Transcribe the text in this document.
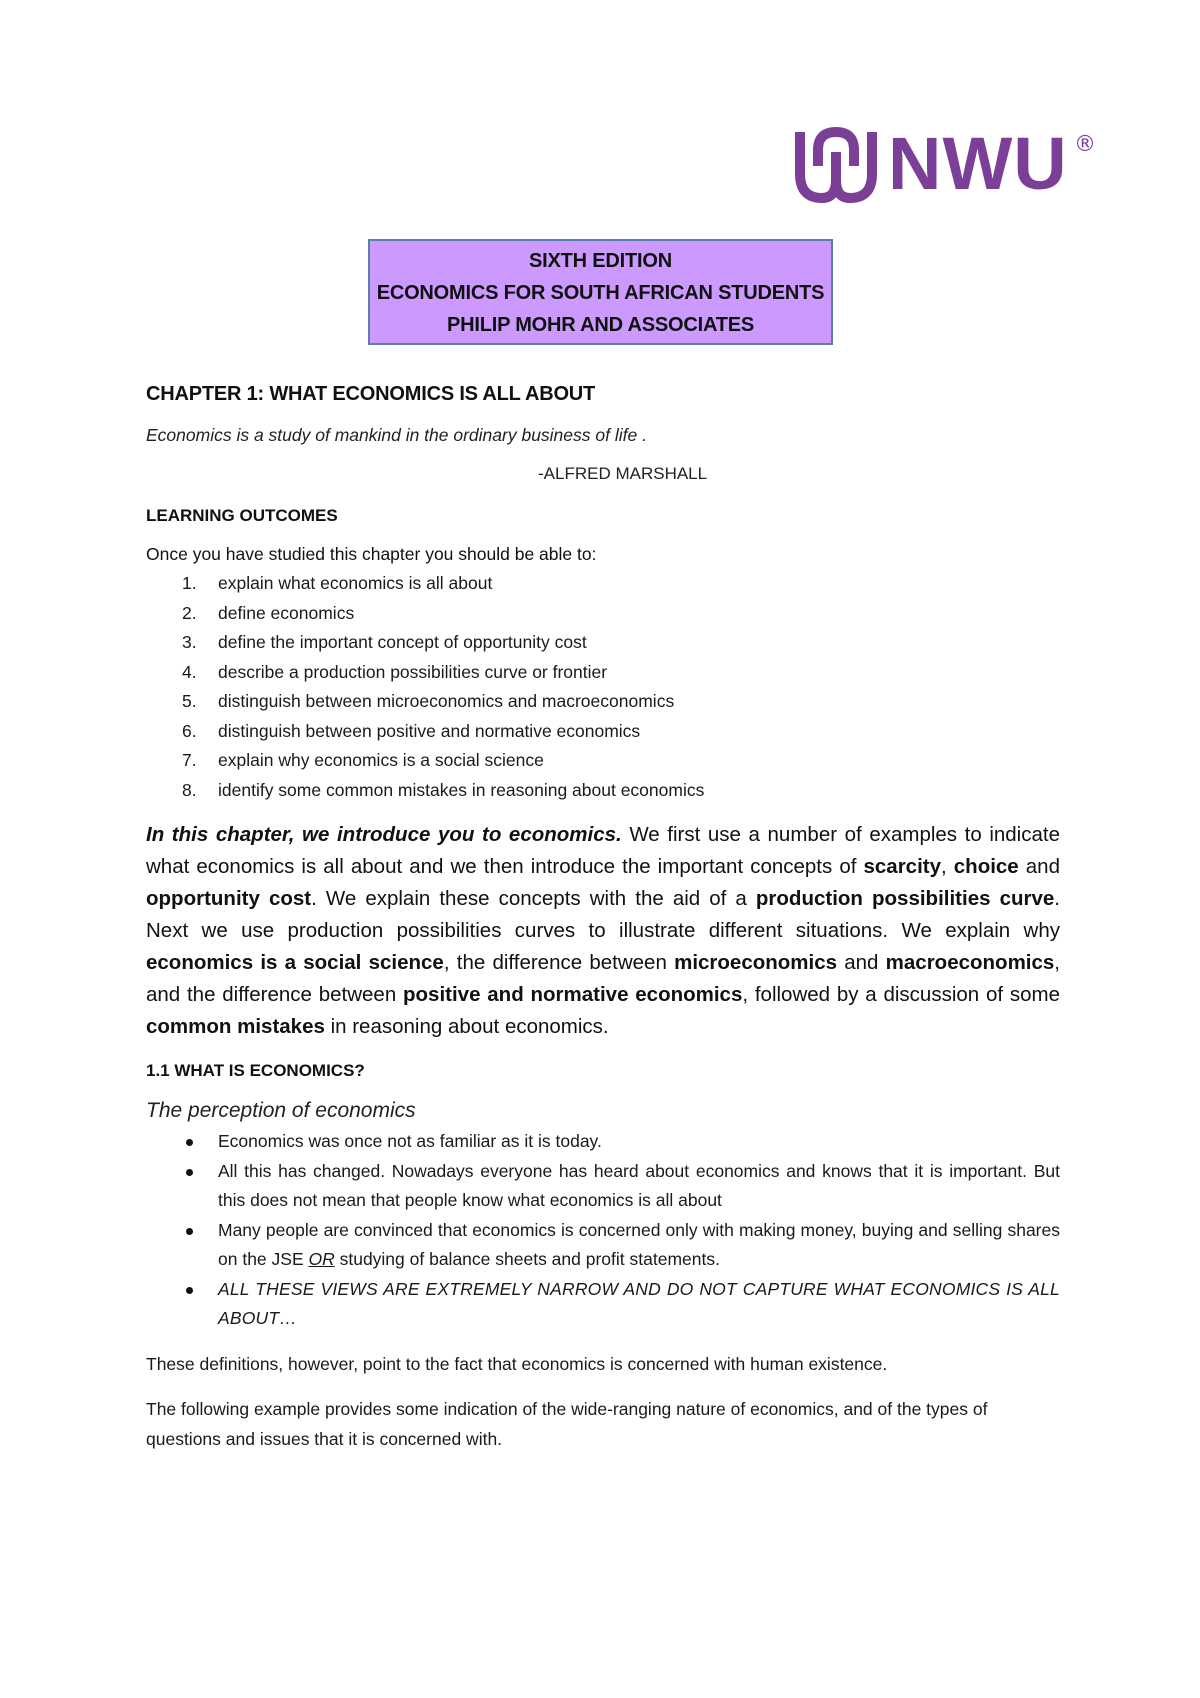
NWU ®
SIXTH EDITION
ECONOMICS FOR SOUTH AFRICAN STUDENTS
PHILIP MOHR AND ASSOCIATES
CHAPTER 1: WHAT ECONOMICS IS ALL ABOUT
Economics is a study of mankind in the ordinary business of life .
-ALFRED MARSHALL
LEARNING OUTCOMES
Once you have studied this chapter you should be able to:
1. explain what economics is all about
2. define economics
3. define the important concept of opportunity cost
4. describe a production possibilities curve or frontier
5. distinguish between microeconomics and macroeconomics
6. distinguish between positive and normative economics
7. explain why economics is a social science
8. identify some common mistakes in reasoning about economics

In this chapter, we introduce you to economics. We first use a number of examples to indicate what economics is all about and we then introduce the important concepts of scarcity, choice and opportunity cost. We explain these concepts with the aid of a production possibilities curve. Next we use production possibilities curves to illustrate different situations. We explain why economics is a social science, the difference between microeconomics and macroeconomics, and the difference between positive and normative economics, followed by a discussion of some common mistakes in reasoning about economics.

1.1 WHAT IS ECONOMICS?
The perception of economics
Economics was once not as familiar as it is today.
All this has changed. Nowadays everyone has heard about economics and knows that it is important. But this does not mean that people know what economics is all about
Many people are convinced that economics is concerned only with making money, buying and selling shares on the JSE OR studying of balance sheets and profit statements.
ALL THESE VIEWS ARE EXTREMELY NARROW AND DO NOT CAPTURE WHAT ECONOMICS IS ALL ABOUT…

These definitions, however, point to the fact that economics is concerned with human existence.

The following example provides some indication of the wide-ranging nature of economics, and of the types of questions and issues that it is concerned with.
